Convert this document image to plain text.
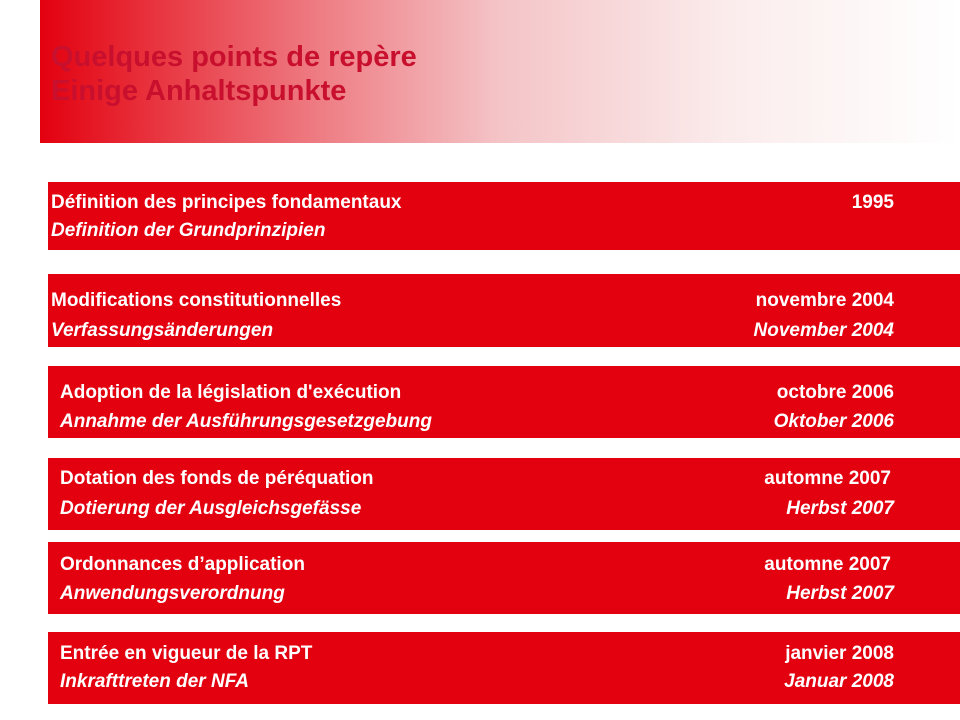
Quelques points de repère
Einige Anhaltspunkte
Définition des principes fondamentaux	1995
Definition der Grundprinzipien
Modifications constitutionnelles	novembre 2004
Verfassungsänderungen	November 2004
Adoption de la législation d'exécution	octobre 2006
Annahme der Ausführungsgesetzgebung	Oktober 2006
Dotation des fonds de péréquation	automne 2007
Dotierung der Ausgleichsgefässe	Herbst 2007
Ordonnances d’application	automne 2007
Anwendungsverordnung	Herbst 2007
Entrée en vigueur de la RPT	janvier 2008
Inkrafttreten der NFA	Januar 2008
